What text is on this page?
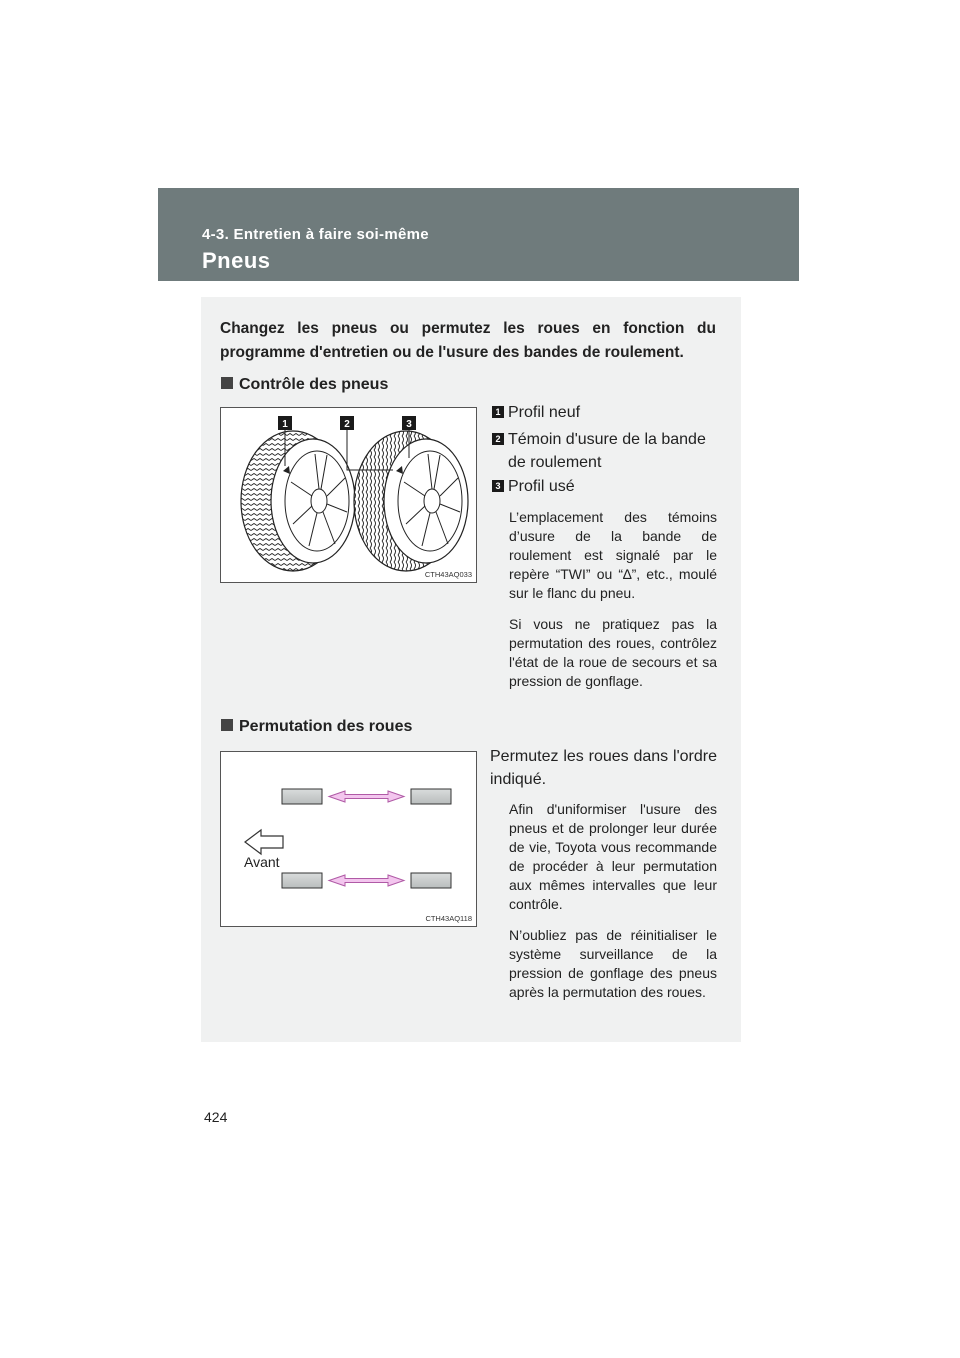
4-3. Entretien à faire soi-même
Pneus
Changez les pneus ou permutez les roues en fonction du programme d'entretien ou de l'usure des bandes de roulement.
Contrôle des pneus
1	2	3
CTH43AQ033
1 Profil neuf
2 Témoin d'usure de la bande de roulement
3 Profil usé
L’emplacement des témoins d’usure de la bande de roulement est signalé par le repère “TWI” ou “∆”, etc., moulé sur le flanc du pneu.
Si vous ne pratiquez pas la permutation des roues, contrôlez l'état de la roue de secours et sa pression de gonflage.
Permutation des roues
Avant
CTH43AQ118
Permutez les roues dans l'ordre indiqué.
Afin d'uniformiser l'usure des pneus et de prolonger leur durée de vie, Toyota vous recommande de procéder à leur permutation aux mêmes intervalles que leur contrôle.
N’oubliez pas de réinitialiser le système surveillance de la pression de gonflage des pneus après la permutation des roues.
424
